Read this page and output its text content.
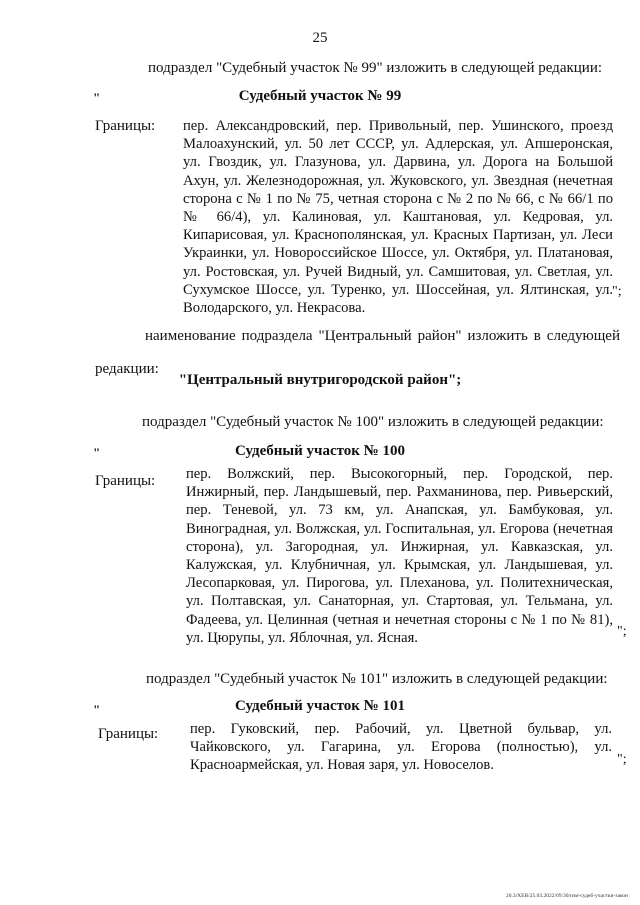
25
подраздел "Судебный участок № 99" изложить в следующей редакции:
"	Судебный участок № 99
Границы: пер. Александровский, пер. Привольный, пер. Ушинского, проезд Малоахунский, ул. 50 лет СССР, ул. Адлерская, ул. Апшеронская, ул. Гвоздик, ул. Глазунова, ул. Дарвина, ул. Дорога на Большой Ахун, ул. Железнодорожная, ул. Жуковского, ул. Звездная (нечетная сторона с № 1 по № 75, четная сторона с № 2 по № 66, с № 66/1 по № 66/4), ул. Калиновая, ул. Каштановая, ул. Кедровая, ул. Кипарисовая, ул. Краснополянская, ул. Красных Партизан, ул. Леси Украинки, ул. Новороссийское Шоссе, ул. Октября, ул. Платановая, ул. Ростовская, ул. Ручей Видный, ул. Самшитовая, ул. Светлая, ул. Сухумское Шоссе, ул. Туренко, ул. Шоссейная, ул. Ялтинская, ул. Володарского, ул. Некрасова.
";
наименование подраздела "Центральный район" изложить в следующей редакции:
"Центральный внутригородской район";
подраздел "Судебный участок № 100" изложить в следующей редакции:
"	Судебный участок № 100
Границы: пер. Волжский, пер. Высокогорный, пер. Городской, пер. Инжирный, пер. Ландышевый, пер. Рахманинова, пер. Ривьерский, пер. Теневой, ул. 73 км, ул. Анапская, ул. Бамбуковая, ул. Виноградная, ул. Волжская, ул. Госпитальная, ул. Егорова (нечетная сторона), ул. Загородная, ул. Инжирная, ул. Кавказская, ул. Калужская, ул. Клубничная, ул. Крымская, ул. Ландышевая, ул. Лесопарковая, ул. Пирогова, ул. Плеханова, ул. Политехническая, ул. Полтавская, ул. Санаторная, ул. Стартовая, ул. Тельмана, ул. Фадеева, ул. Целинная (четная и нечетная стороны с № 1 по № 81), ул. Цюрупы, ул. Яблочная, ул. Ясная.	";
подраздел "Судебный участок № 101" изложить в следующей редакции:
"	Судебный участок № 101
Границы: пер. Гуковский, пер. Рабочий, ул. Цветной бульвар, ул. Чайковского, ул. Гагарина, ул. Егорова (полностью), ул. Красноармейская, ул. Новая заря, ул. Новоселов.	";
20.3/ХЕВ/25.03.2022/09:30/изм-судеб-участки-закон
